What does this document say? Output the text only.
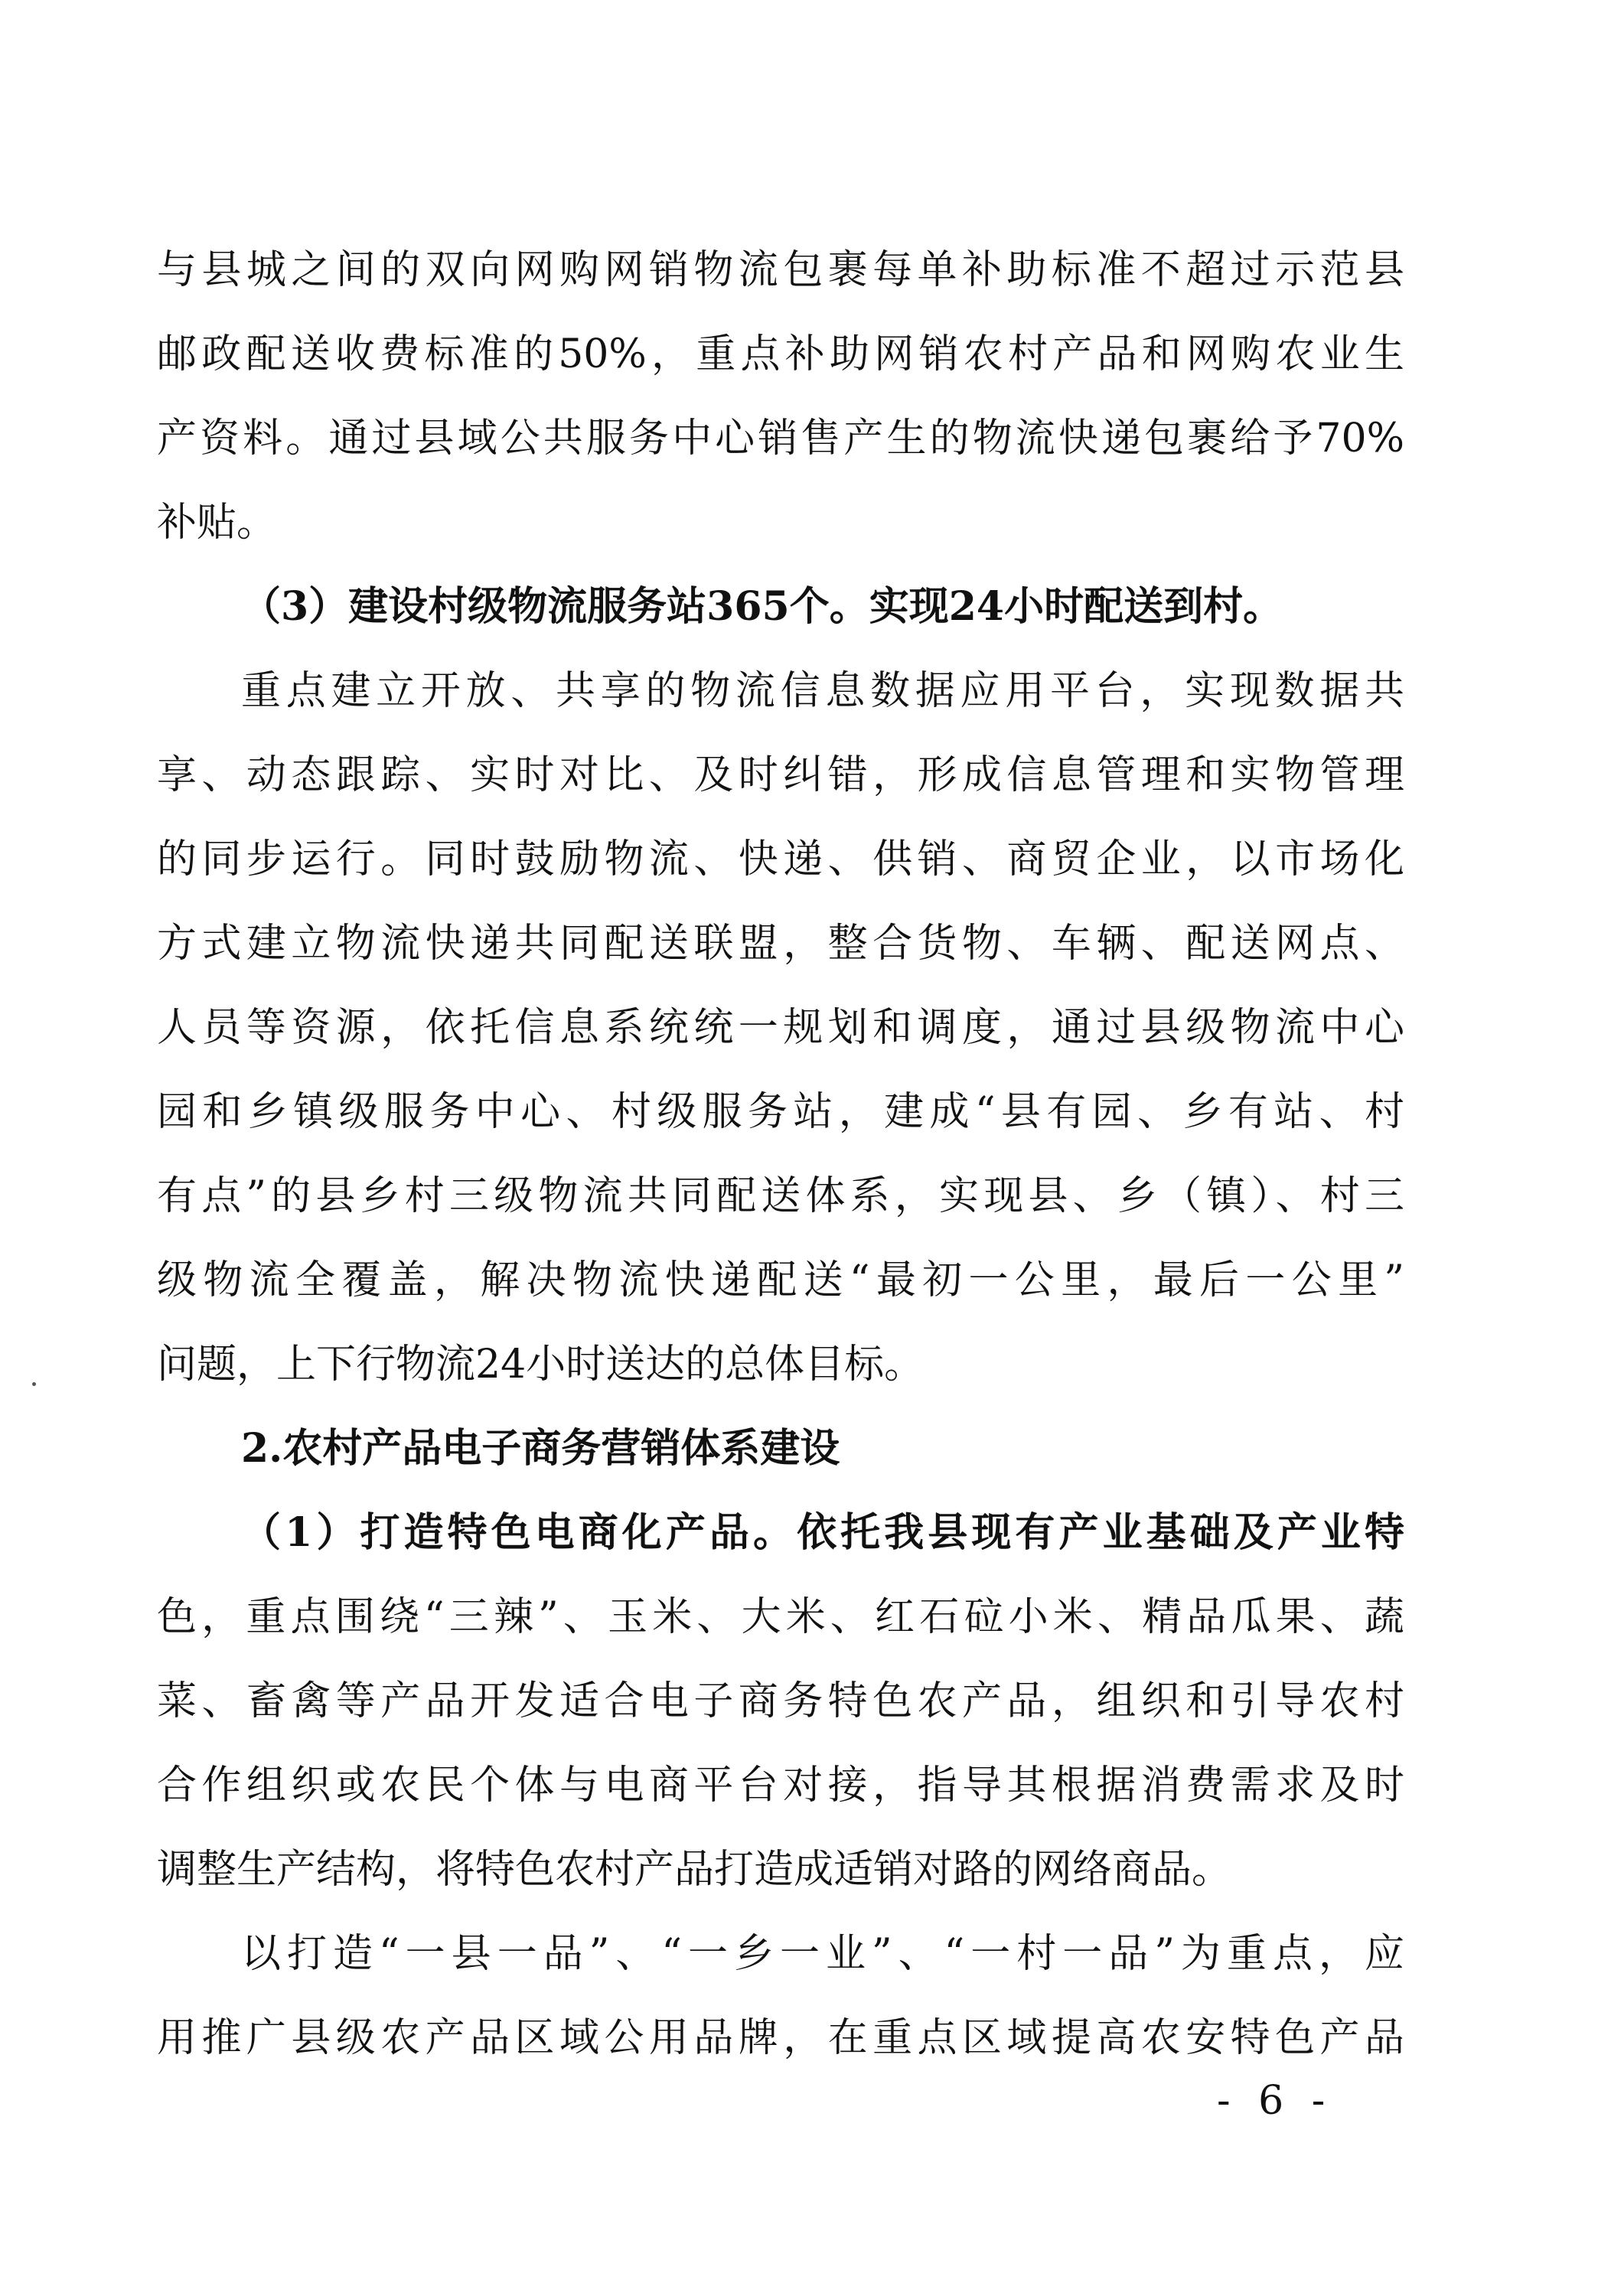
与县城之间的双向网购网销物流包裹每单补助标准不超过示范县
邮政配送收费标准的50%，重点补助网销农村产品和网购农业生
产资料。通过县域公共服务中心销售产生的物流快递包裹给予70%
补贴。
（3）建设村级物流服务站365个。实现24小时配送到村。
重点建立开放、共享的物流信息数据应用平台，实现数据共
享、动态跟踪、实时对比、及时纠错，形成信息管理和实物管理
的同步运行。同时鼓励物流、快递、供销、商贸企业，以市场化
方式建立物流快递共同配送联盟，整合货物、车辆、配送网点、
人员等资源，依托信息系统统一规划和调度，通过县级物流中心
园和乡镇级服务中心、村级服务站，建成“县有园、乡有站、村
有点”的县乡村三级物流共同配送体系，实现县、乡（镇）、村三
级物流全覆盖，解决物流快递配送“最初一公里，最后一公里”
问题，上下行物流24小时送达的总体目标。
2.农村产品电子商务营销体系建设
（1）打造特色电商化产品。依托我县现有产业基础及产业特
色，重点围绕“三辣”、玉米、大米、红石砬小米、精品瓜果、蔬
菜、畜禽等产品开发适合电子商务特色农产品，组织和引导农村
合作组织或农民个体与电商平台对接，指导其根据消费需求及时
调整生产结构，将特色农村产品打造成适销对路的网络商品。
以打造“一县一品”、“一乡一业”、“一村一品”为重点，应
用推广县级农产品区域公用品牌，在重点区域提高农安特色产品
- 6 -
